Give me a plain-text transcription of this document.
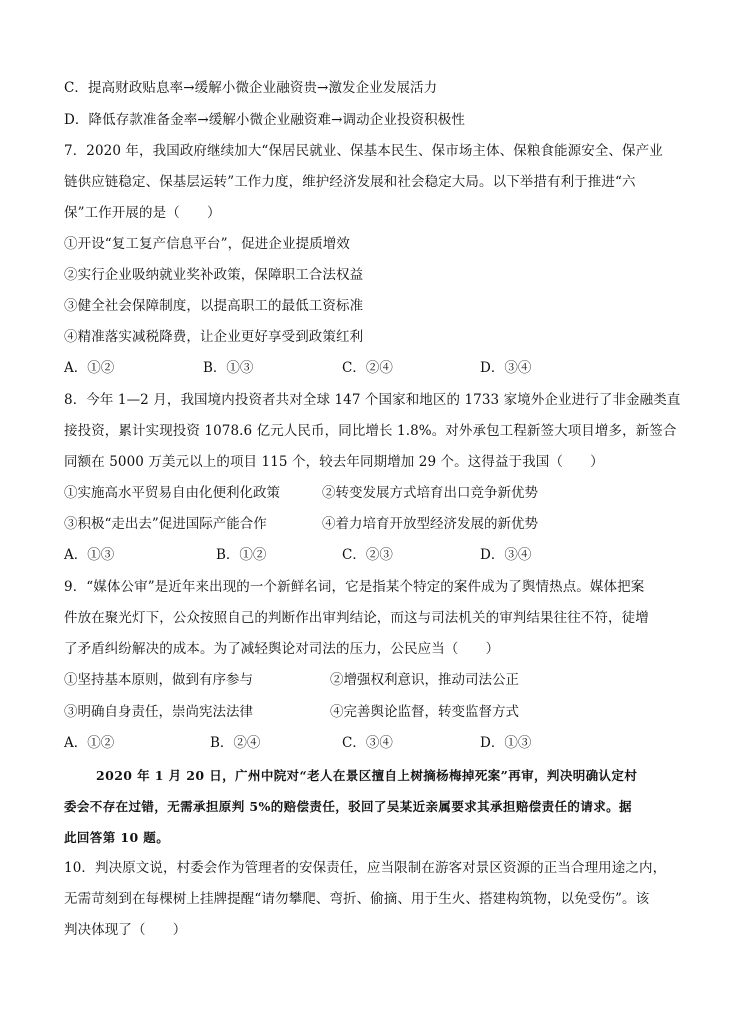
C．提高财政贴息率→缓解小微企业融资贵→激发企业发展活力
D．降低存款准备金率→缓解小微企业融资难→调动企业投资积极性
7．2020 年，我国政府继续加大“保居民就业、保基本民生、保市场主体、保粮食能源安全、保产业
链供应链稳定、保基层运转”工作力度，维护经济发展和社会稳定大局。以下举措有利于推进“六
保”工作开展的是（　　）
①开设“复工复产信息平台”，促进企业提质增效
②实行企业吸纳就业奖补政策，保障职工合法权益
③健全社会保障制度，以提高职工的最低工资标准
④精准落实减税降费，让企业更好享受到政策红利
A．①②	B．①③	C．②④	D．③④
8．今年 1—2 月，我国境内投资者共对全球 147 个国家和地区的 1733 家境外企业进行了非金融类直
接投资，累计实现投资 1078.6 亿元人民币，同比增长 1.8%。对外承包工程新签大项目增多，新签合
同额在 5000 万美元以上的项目 115 个，较去年同期增加 29 个。这得益于我国（　　）
①实施高水平贸易自由化便利化政策	②转变发展方式培育出口竞争新优势
③积极“走出去”促进国际产能合作	④着力培育开放型经济发展的新优势
A．①③	B．①②	C．②③	D．③④
9．“媒体公审”是近年来出现的一个新鲜名词，它是指某个特定的案件成为了舆情热点。媒体把案
件放在聚光灯下，公众按照自己的判断作出审判结论，而这与司法机关的审判结果往往不符，徒增
了矛盾纠纷解决的成本。为了减轻舆论对司法的压力，公民应当（　　）
①坚持基本原则，做到有序参与	②增强权利意识，推动司法公正
③明确自身责任，崇尚宪法法律	④完善舆论监督，转变监督方式
A．①②	B．②④	C．③④	D．①③
2020 年 1 月 20 日，广州中院对“老人在景区擅自上树摘杨梅掉死案”再审，判决明确认定村
委会不存在过错，无需承担原判 5%的赔偿责任，驳回了吴某近亲属要求其承担赔偿责任的请求。据
此回答第 10 题。
10．判决原文说，村委会作为管理者的安保责任，应当限制在游客对景区资源的正当合理用途之内，
无需苛刻到在每棵树上挂牌提醒“请勿攀爬、弯折、偷摘、用于生火、搭建构筑物，以免受伤”。该
判决体现了（　　）
